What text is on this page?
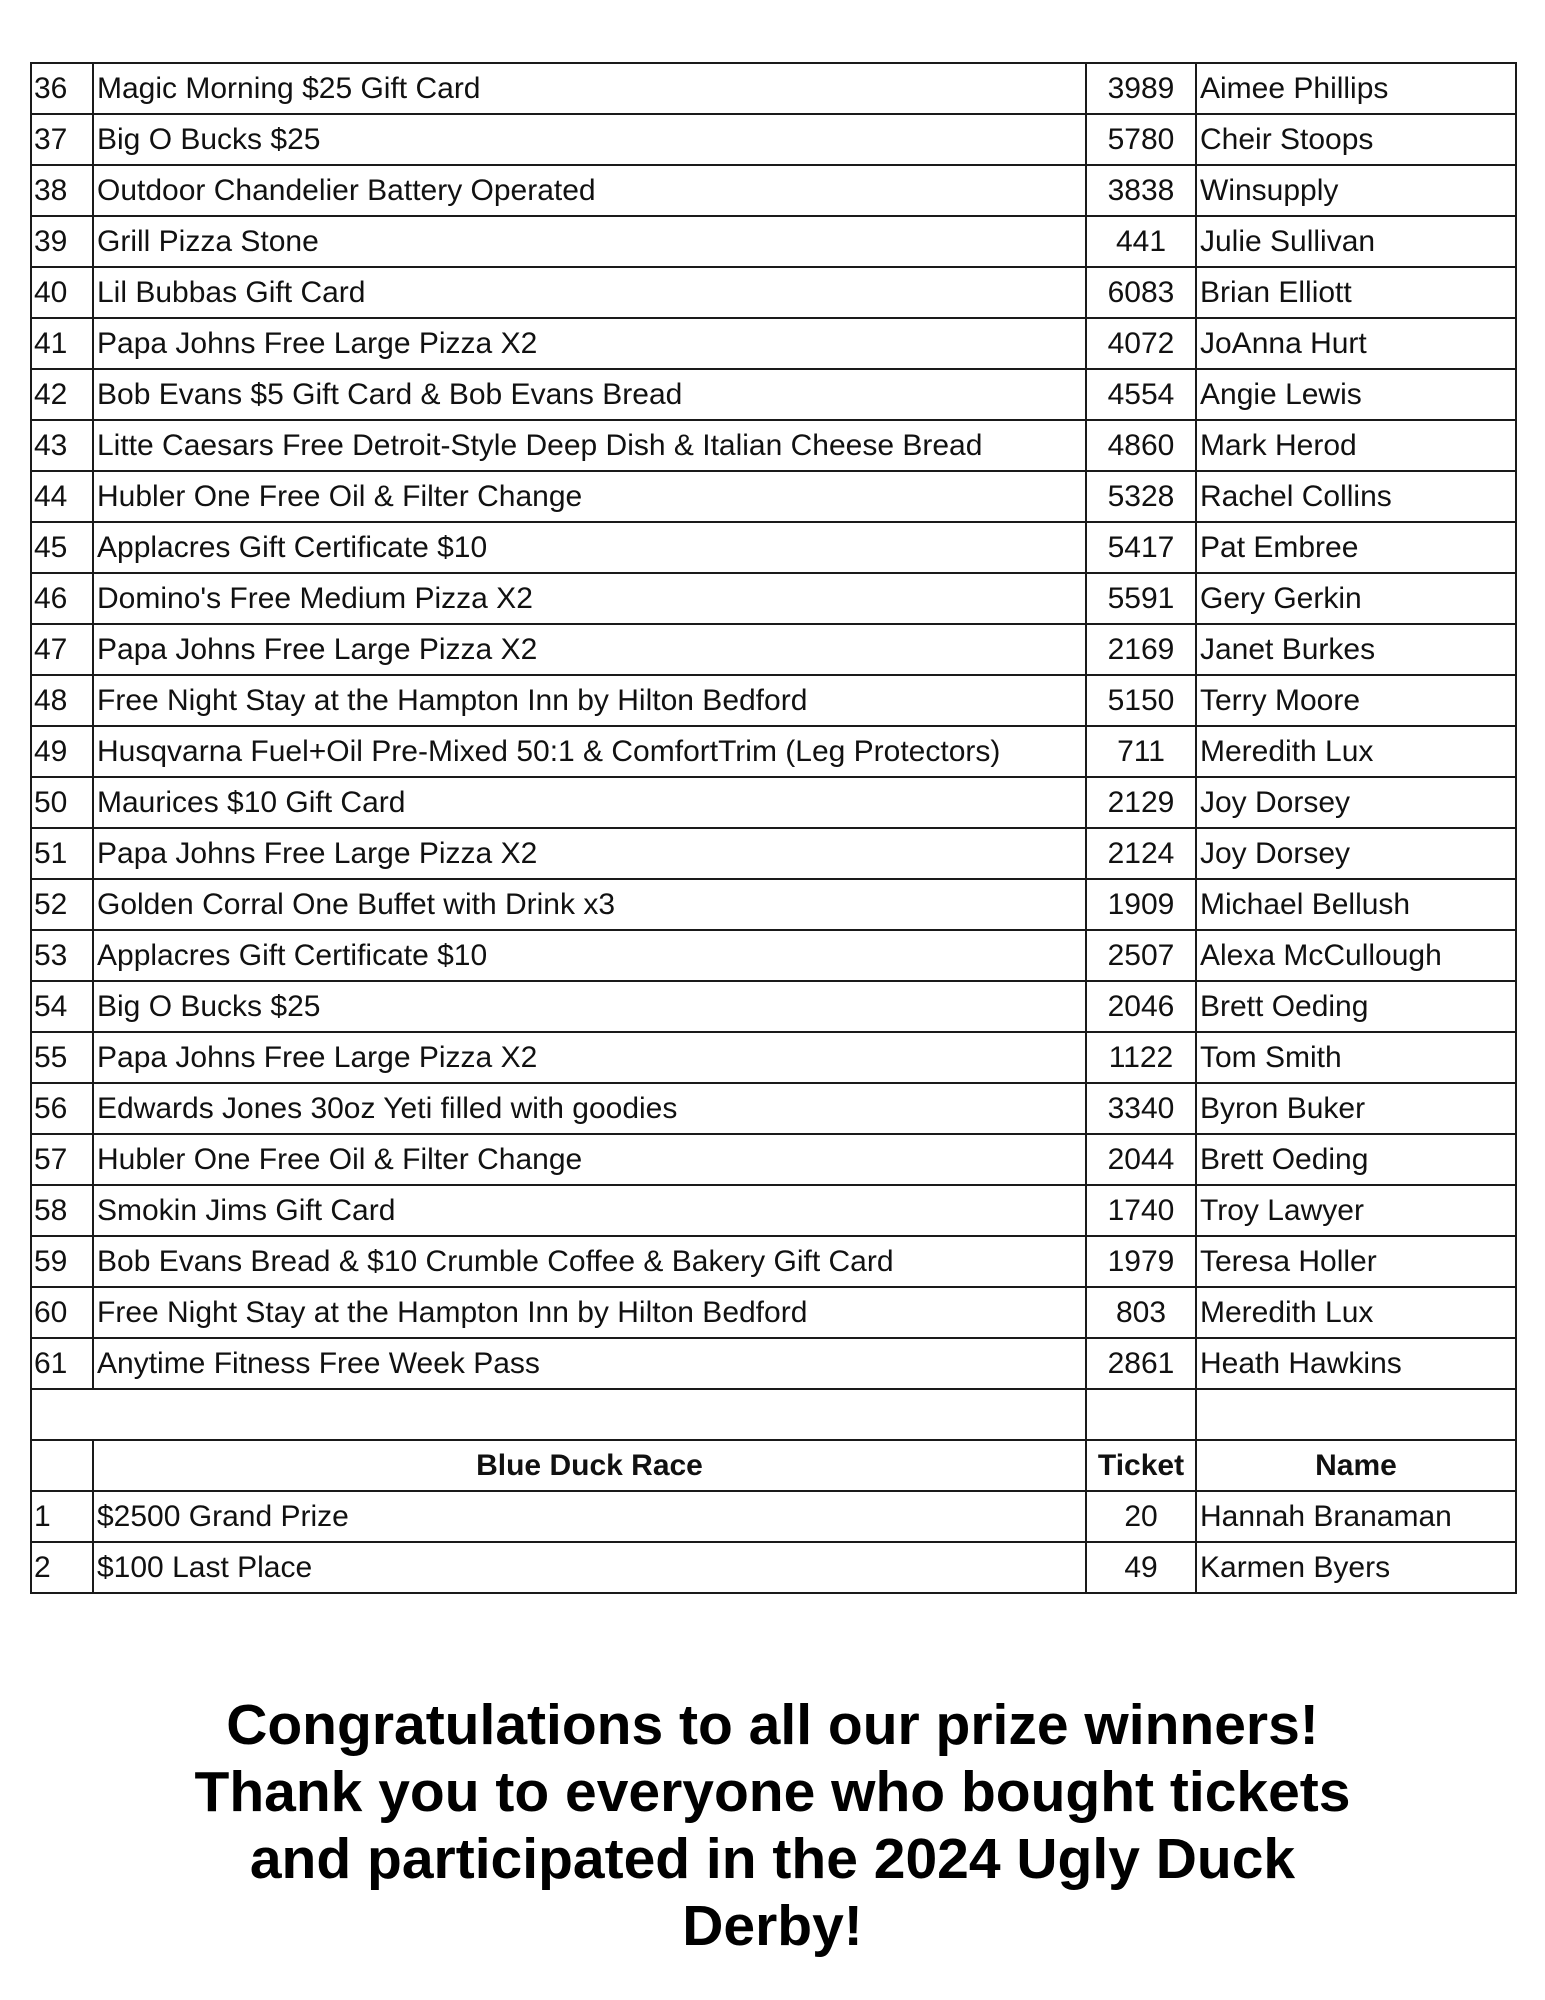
36	Magic Morning $25 Gift Card	3989	Aimee Phillips
37	Big O Bucks $25	5780	Cheir Stoops
38	Outdoor Chandelier Battery Operated	3838	Winsupply
39	Grill Pizza Stone	441	Julie Sullivan
40	Lil Bubbas Gift Card	6083	Brian Elliott
41	Papa Johns Free Large Pizza X2	4072	JoAnna Hurt
42	Bob Evans $5 Gift Card & Bob Evans Bread	4554	Angie Lewis
43	Litte Caesars Free Detroit-Style Deep Dish & Italian Cheese Bread	4860	Mark Herod
44	Hubler One Free Oil & Filter Change	5328	Rachel Collins
45	Applacres Gift Certificate $10	5417	Pat Embree
46	Domino's Free Medium Pizza X2	5591	Gery Gerkin
47	Papa Johns Free Large Pizza X2	2169	Janet Burkes
48	Free Night Stay at the Hampton Inn by Hilton Bedford	5150	Terry Moore
49	Husqvarna Fuel+Oil Pre-Mixed 50:1 & ComfortTrim (Leg Protectors)	711	Meredith Lux
50	Maurices $10 Gift Card	2129	Joy Dorsey
51	Papa Johns Free Large Pizza X2	2124	Joy Dorsey
52	Golden Corral One Buffet with Drink x3	1909	Michael Bellush
53	Applacres Gift Certificate $10	2507	Alexa McCullough
54	Big O Bucks $25	2046	Brett Oeding
55	Papa Johns Free Large Pizza X2	1122	Tom Smith
56	Edwards Jones 30oz Yeti filled with goodies	3340	Byron Buker
57	Hubler One Free Oil & Filter Change	2044	Brett Oeding
58	Smokin Jims Gift Card	1740	Troy Lawyer
59	Bob Evans Bread & $10 Crumble Coffee & Bakery Gift Card	1979	Teresa Holler
60	Free Night Stay at the Hampton Inn by Hilton Bedford	803	Meredith Lux
61	Anytime Fitness Free Week Pass	2861	Heath Hawkins

	Blue Duck Race	Ticket	Name
1	$2500 Grand Prize	20	Hannah Branaman
2	$100 Last Place	49	Karmen Byers
Congratulations to all our prize winners!
Thank you to everyone who bought tickets
and participated in the 2024 Ugly Duck
Derby!
